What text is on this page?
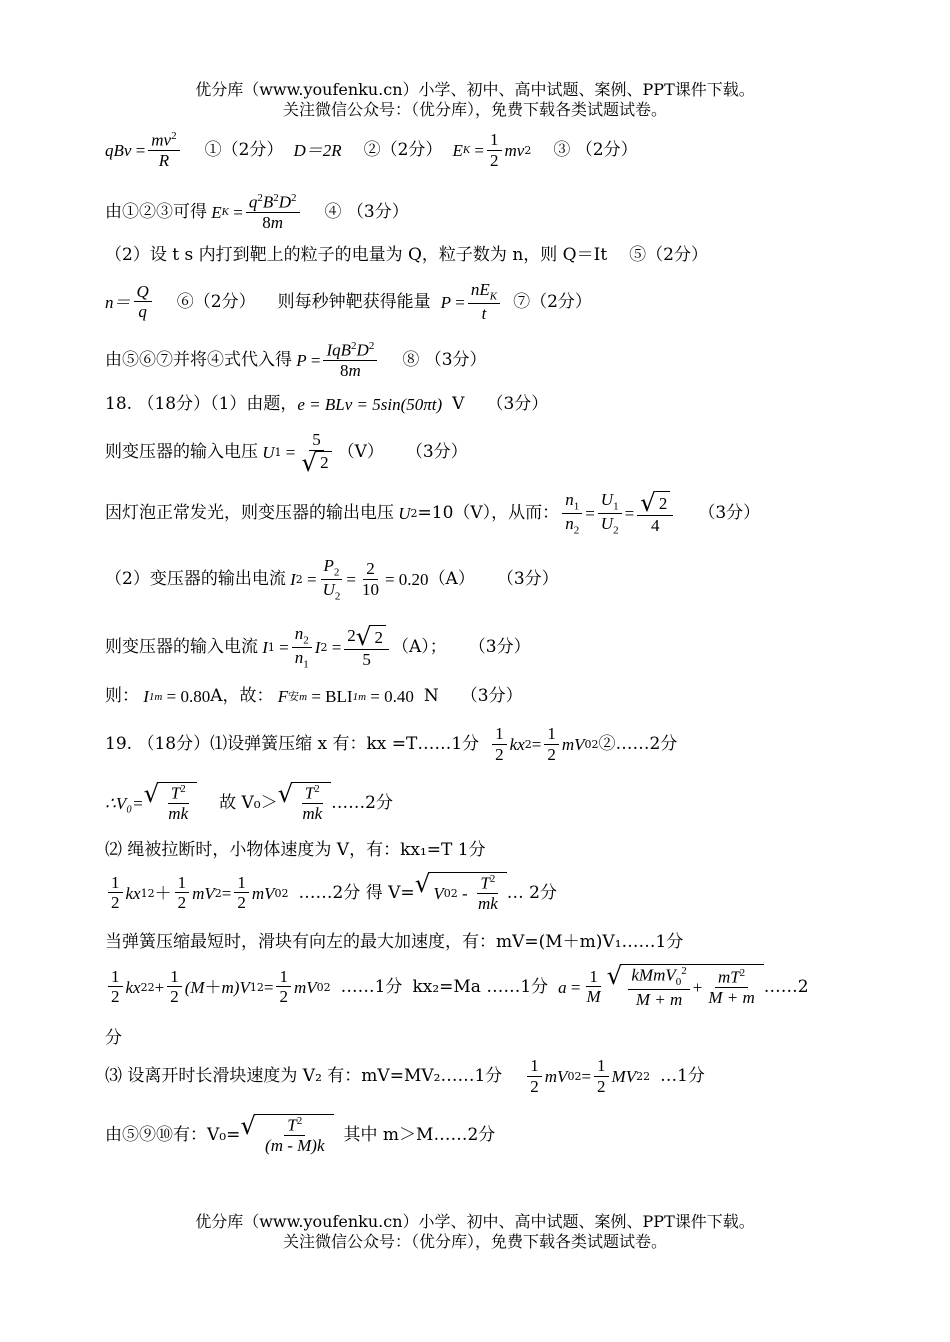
优分库（www.youfenku.cn）小学、初中、高中试题、案例、PPT课件下载。
关注微信公众号：（优分库），免费下载各类试题试卷。
qBv = $\frac{mv^2}{R}$ ①（2分） D＝2R ②（2分） E $K = \frac{1}{2}$ mv 2 ③ （2分）
由①②③可得 E $K = \frac{q^2B^2D^2}{8m}$ ④ （3分）
（2）设 t s 内打到靶上的粒子的电量为 Q，粒子数为 n，则 Q＝It ⑤（2分）
$n= \frac{Q}{q}$ ⑥（2分） 则每秒钟靶获得能量 $P = \frac{nE_K}{t}$ ⑦（2分）
由⑤⑥⑦并将④式代入得 $P = \frac{IqB^2D^2}{8m}$ ⑧ （3分）
18. （18分）（1）由题， e = BLv = 5sin(50πt) V （3分）
则变压器的输入电压 U $1 = \frac{5}{√ 2} (V)$ （3分）
因灯泡正常发光，则变压器的输出电压 U 2 =10（V），从而： $\frac{n_1}{n_2} = \frac{U_1}{U_2} = \frac{√ 2}{4} (3$分）
（2）变压器的输出电流 I $2 = \frac{P_2}{U_2} = \frac{2}{10} = 0.20$ （A） （3分）
则变压器的输入电流 I $1 = \frac{n_2}{n_1}$ I $2 = \frac{2 √ 2}{5} (A)$； （3分）
则： I 1m
= 0.80 A，故： F 安m = BLI 1m
= 0.40 N （3分）
19. （18分）⑴设弹簧压缩 x 有：kx =T……1分 $\frac{1}{2}$ kx $2 = \frac{1}{2}$ mV 0 2 ②……2分
∴V₀= √ $\frac{T^2}{mk}$ 故 V₀＞ √ $\frac{T^2}{mk}$ ……2分
⑵ 绳被拉断时，小物体速度为 V，有：kx₁=T 1分
$\frac{1}{2}$ kx 1 $2 + \frac{1}{2}$ mV $2 = \frac{1}{2}$ mV 0 2 ……2分 得 V= √ V 0 $2 - \frac{T^2}{mk}$ … 2分
当弹簧压缩最短时，滑块有向左的最大加速度，有：mV=(M＋m)V₁……1分
$\frac{1}{2}$ kx 2 $2 + \frac{1}{2} (M + m)V$ 1 $2 = \frac{1}{2}$ mV 0 2 ……1分 kx₂=Ma ……1分 $a = \frac{1}{M}$ √ $\frac{kMmV_0^2}{M + m} + \frac{mT^2}{M + m}$ ……2
分
⑶ 设离开时长滑块速度为 V₂ 有：mV=MV₂……1分 $\frac{1}{2}$ mV 0 $2 = \frac{1}{2}$ MV 2 2 …1分
由⑤⑨⑩有：V₀= √ $\frac{T^2}{(m - M)k}$ 其中 m＞M……2分
优分库（www.youfenku.cn）小学、初中、高中试题、案例、PPT课件下载。
关注微信公众号：（优分库），免费下载各类试题试卷。
